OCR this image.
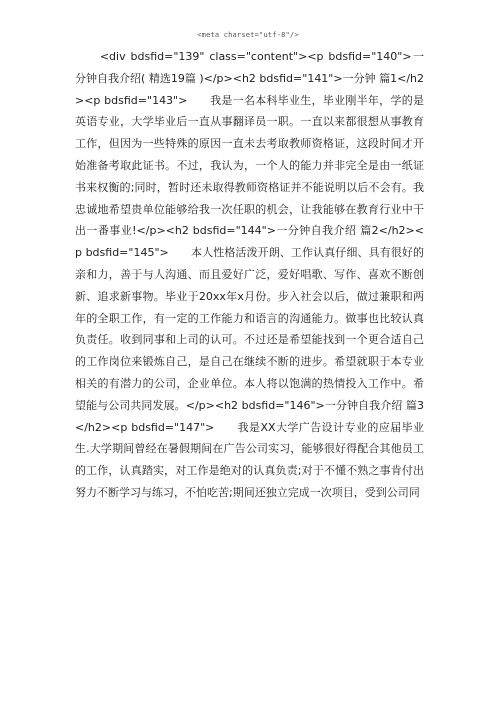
<meta charset="utf-8"/>

　　<div bdsfid="139" class="content"><p bdsfid="140">一分钟自我介绍( 精选19篇 )</p><h2 bdsfid="141">一分钟 篇1</h2><p bdsfid="143">　　我是一名本科毕业生，毕业刚半年，学的是英语专业，大学毕业后一直从事翻译员一职。一直以来都很想从事教育工作，但因为一些特殊的原因一直未去考取教师资格证，这段时间才开始准备考取此证书。不过，我认为，一个人的能力并非完全是由一纸证书来权衡的;同时，暂时还未取得教师资格证并不能说明以后不会有。我忠诚地希望贵单位能够给我一次任职的机会，让我能够在教育行业中干出一番事业!</p><h2 bdsfid="144">一分钟自我介绍 篇2</h2><p bdsfid="145">　　本人性格活泼开朗、工作认真仔细、具有很好的亲和力，善于与人沟通、而且爱好广泛，爱好唱歌、写作、喜欢不断创新、追求新事物。毕业于20xx年x月份。步入社会以后，做过兼职和两年的全职工作，有一定的工作能力和语言的沟通能力。做事也比较认真负责任。收到同事和上司的认可。不过还是希望能找到一个更合适自己的工作岗位来锻炼自己，是自己在继续不断的进步。希望就职于本专业相关的有潜力的公司，企业单位。本人将以饱满的热情投入工作中。希望能与公司共同发展。</p><h2 bdsfid="146">一分钟自我介绍 篇3</h2><p bdsfid="147">　　我是XX大学广告设计专业的应届毕业生.大学期间曾经在暑假期间在广告公司实习，能够很好得配合其他员工的工作，认真踏实，对工作是绝对的认真负责;对于不懂不熟之事肯付出努力不断学习与练习，不怕吃苦;期间还独立完成一次项目，受到公司同
